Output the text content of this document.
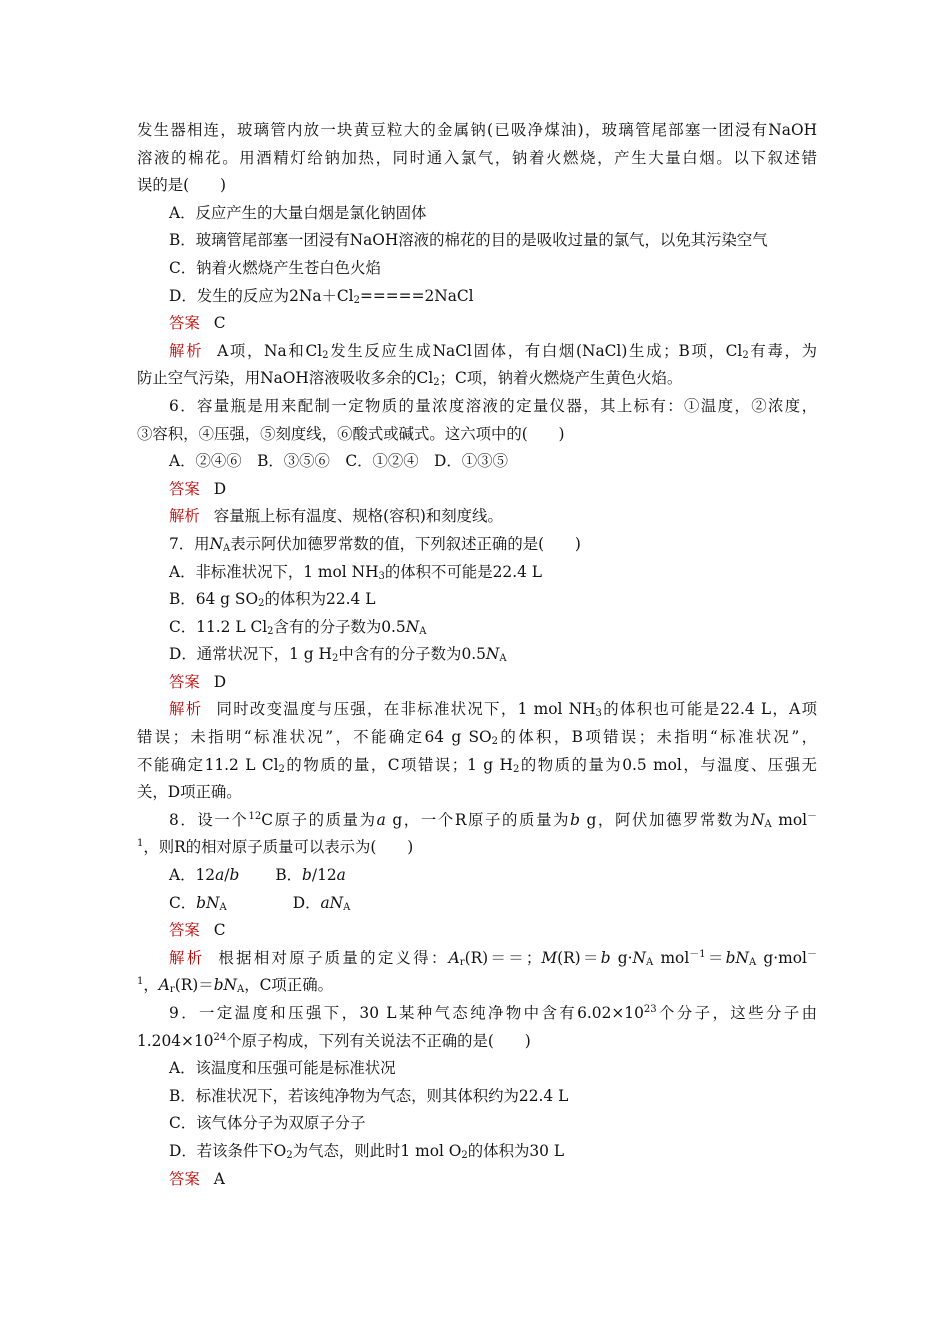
发生器相连，玻璃管内放一块黄豆粒大的金属钠(已吸净煤油)，玻璃管尾部塞一团浸有NaOH
溶液的棉花。用酒精灯给钠加热，同时通入氯气，钠着火燃烧，产生大量白烟。以下叙述错
误的是(　　)
A．反应产生的大量白烟是氯化钠固体
B．玻璃管尾部塞一团浸有NaOH溶液的棉花的目的是吸收过量的氯气，以免其污染空气
C．钠着火燃烧产生苍白色火焰
D．发生的反应为$2Na+Cl_2=====2NaCl$
答案 C
解析 A项，Na和$Cl_2$发生反应生成NaCl固体，有白烟(NaCl)生成；B项，$Cl_2$有毒，为
防止空气污染，用NaOH溶液吸收多余的$Cl_2$；C项，钠着火燃烧产生黄色火焰。
6．容量瓶是用来配制一定物质的量浓度溶液的定量仪器，其上标有：①温度，②浓度，
③容积，④压强，⑤刻度线，⑥酸式或碱式。这六项中的(　　)
A．②④⑥　B．③⑤⑥　C．①②④　D．①③⑤
答案 D
解析 容量瓶上标有温度、规格(容积)和刻度线。
7．用$N_A$表示阿伏加德罗常数的值，下列叙述正确的是(　　)
A．非标准状况下，1 mol $NH_3$的体积不可能是22.4 L
B．64 g $SO_2$的体积为22.4 L
C．11.2 L $Cl_2$含有的分子数为$0.5N_A$
D．通常状况下，1 g $H_2$中含有的分子数为$0.5N_A$
答案 D
解析 同时改变温度与压强，在非标准状况下，1 mol $NH_3$的体积也可能是22.4 L，A项
错误；未指明“标准状况”，不能确定64 g $SO_2$的体积，B项错误；未指明“标准状况”，
不能确定11.2 L $Cl_2$的物质的量，C项错误；1 g $H_2$的物质的量为0.5 mol，与温度、压强无
关，D项正确。
8．设一个$^{12}$C原子的质量为a g，一个R原子的质量为b g，阿伏加德罗常数为$N_A$ mol－
$^1$，则R的相对原子质量可以表示为(　　)
A．12a/b B．b/12a
C．$bN_A$	D．$aN_A$
答案 C
解析 根据相对原子质量的定义得：$A_r(R)==$；M(R)＝b $g\cdot N_A$ $mol^{-1}=bN_A$ g·mol－
$^1$，$A_r(R)=bN_A$，C项正确。
9．一定温度和压强下，30 L某种气态纯净物中含有$6.02\times 10^{23}$个分子，这些分子由
$1.204\times 10^{24}$个原子构成，下列有关说法不正确的是(　　)
A．该温度和压强可能是标准状况
B．标准状况下，若该纯净物为气态，则其体积约为22.4 L
C．该气体分子为双原子分子
D．若该条件下$O_2$为气态，则此时1 mol $O_2$的体积为30 L
答案 A
